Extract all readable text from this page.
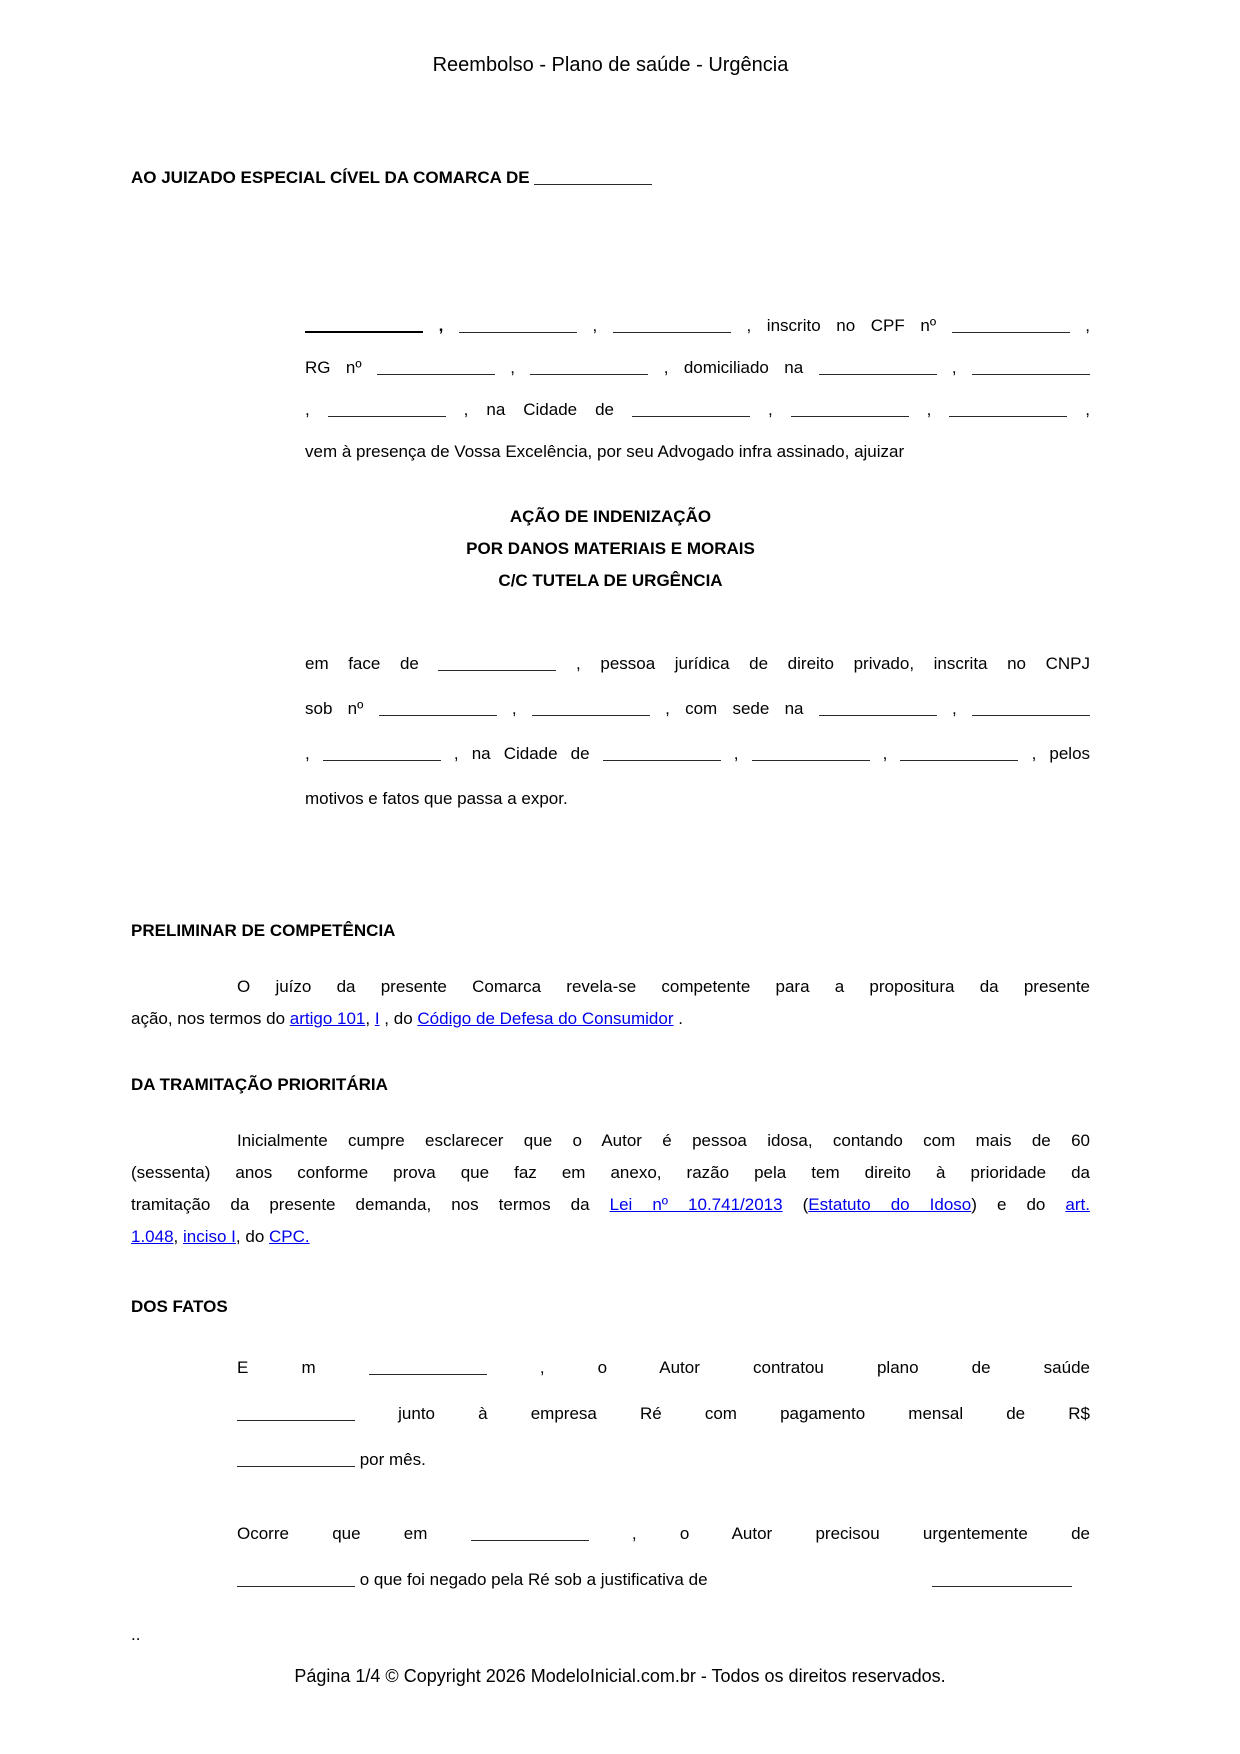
Reembolso - Plano de saúde - Urgência
AO JUIZADO ESPECIAL CÍVEL DA COMARCA DE
,	,	, inscrito no CPF nº	,
RG nº	,	, domiciliado na	,
,	, na Cidade de	,	,	,
vem à presença de Vossa Excelência, por seu Advogado infra assinado, ajuizar
AÇÃO DE INDENIZAÇÃO
POR DANOS MATERIAIS E MORAIS
C/C TUTELA DE URGÊNCIA
em face de	, pessoa jurídica de direito privado, inscrita no CNPJ
sob nº	,	, com sede na	,
,	, na Cidade de	,	,	, pelos
motivos e fatos que passa a expor.
PRELIMINAR DE COMPETÊNCIA
O juízo da presente Comarca revela-se competente para a propositura da presente
ação, nos termos do artigo 101, I , do Código de Defesa do Consumidor .
DA TRAMITAÇÃO PRIORITÁRIA
Inicialmente cumpre esclarecer que o Autor é pessoa idosa, contando com mais de 60
(sessenta) anos conforme prova que faz em anexo, razão pela tem direito à prioridade da
tramitação da presente demanda, nos termos da Lei nº 10.741/2013 (Estatuto do Idoso) e do art.
1.048, inciso I, do CPC.
DOS FATOS
E m	, o Autor contratou plano de saúde
junto à empresa Ré com pagamento mensal de R$
por mês.
Ocorre que em	, o Autor precisou urgentemente de
o que foi negado pela Ré sob a justificativa de
..
Página 1/4 © Copyright 2026 ModeloInicial.com.br - Todos os direitos reservados.
